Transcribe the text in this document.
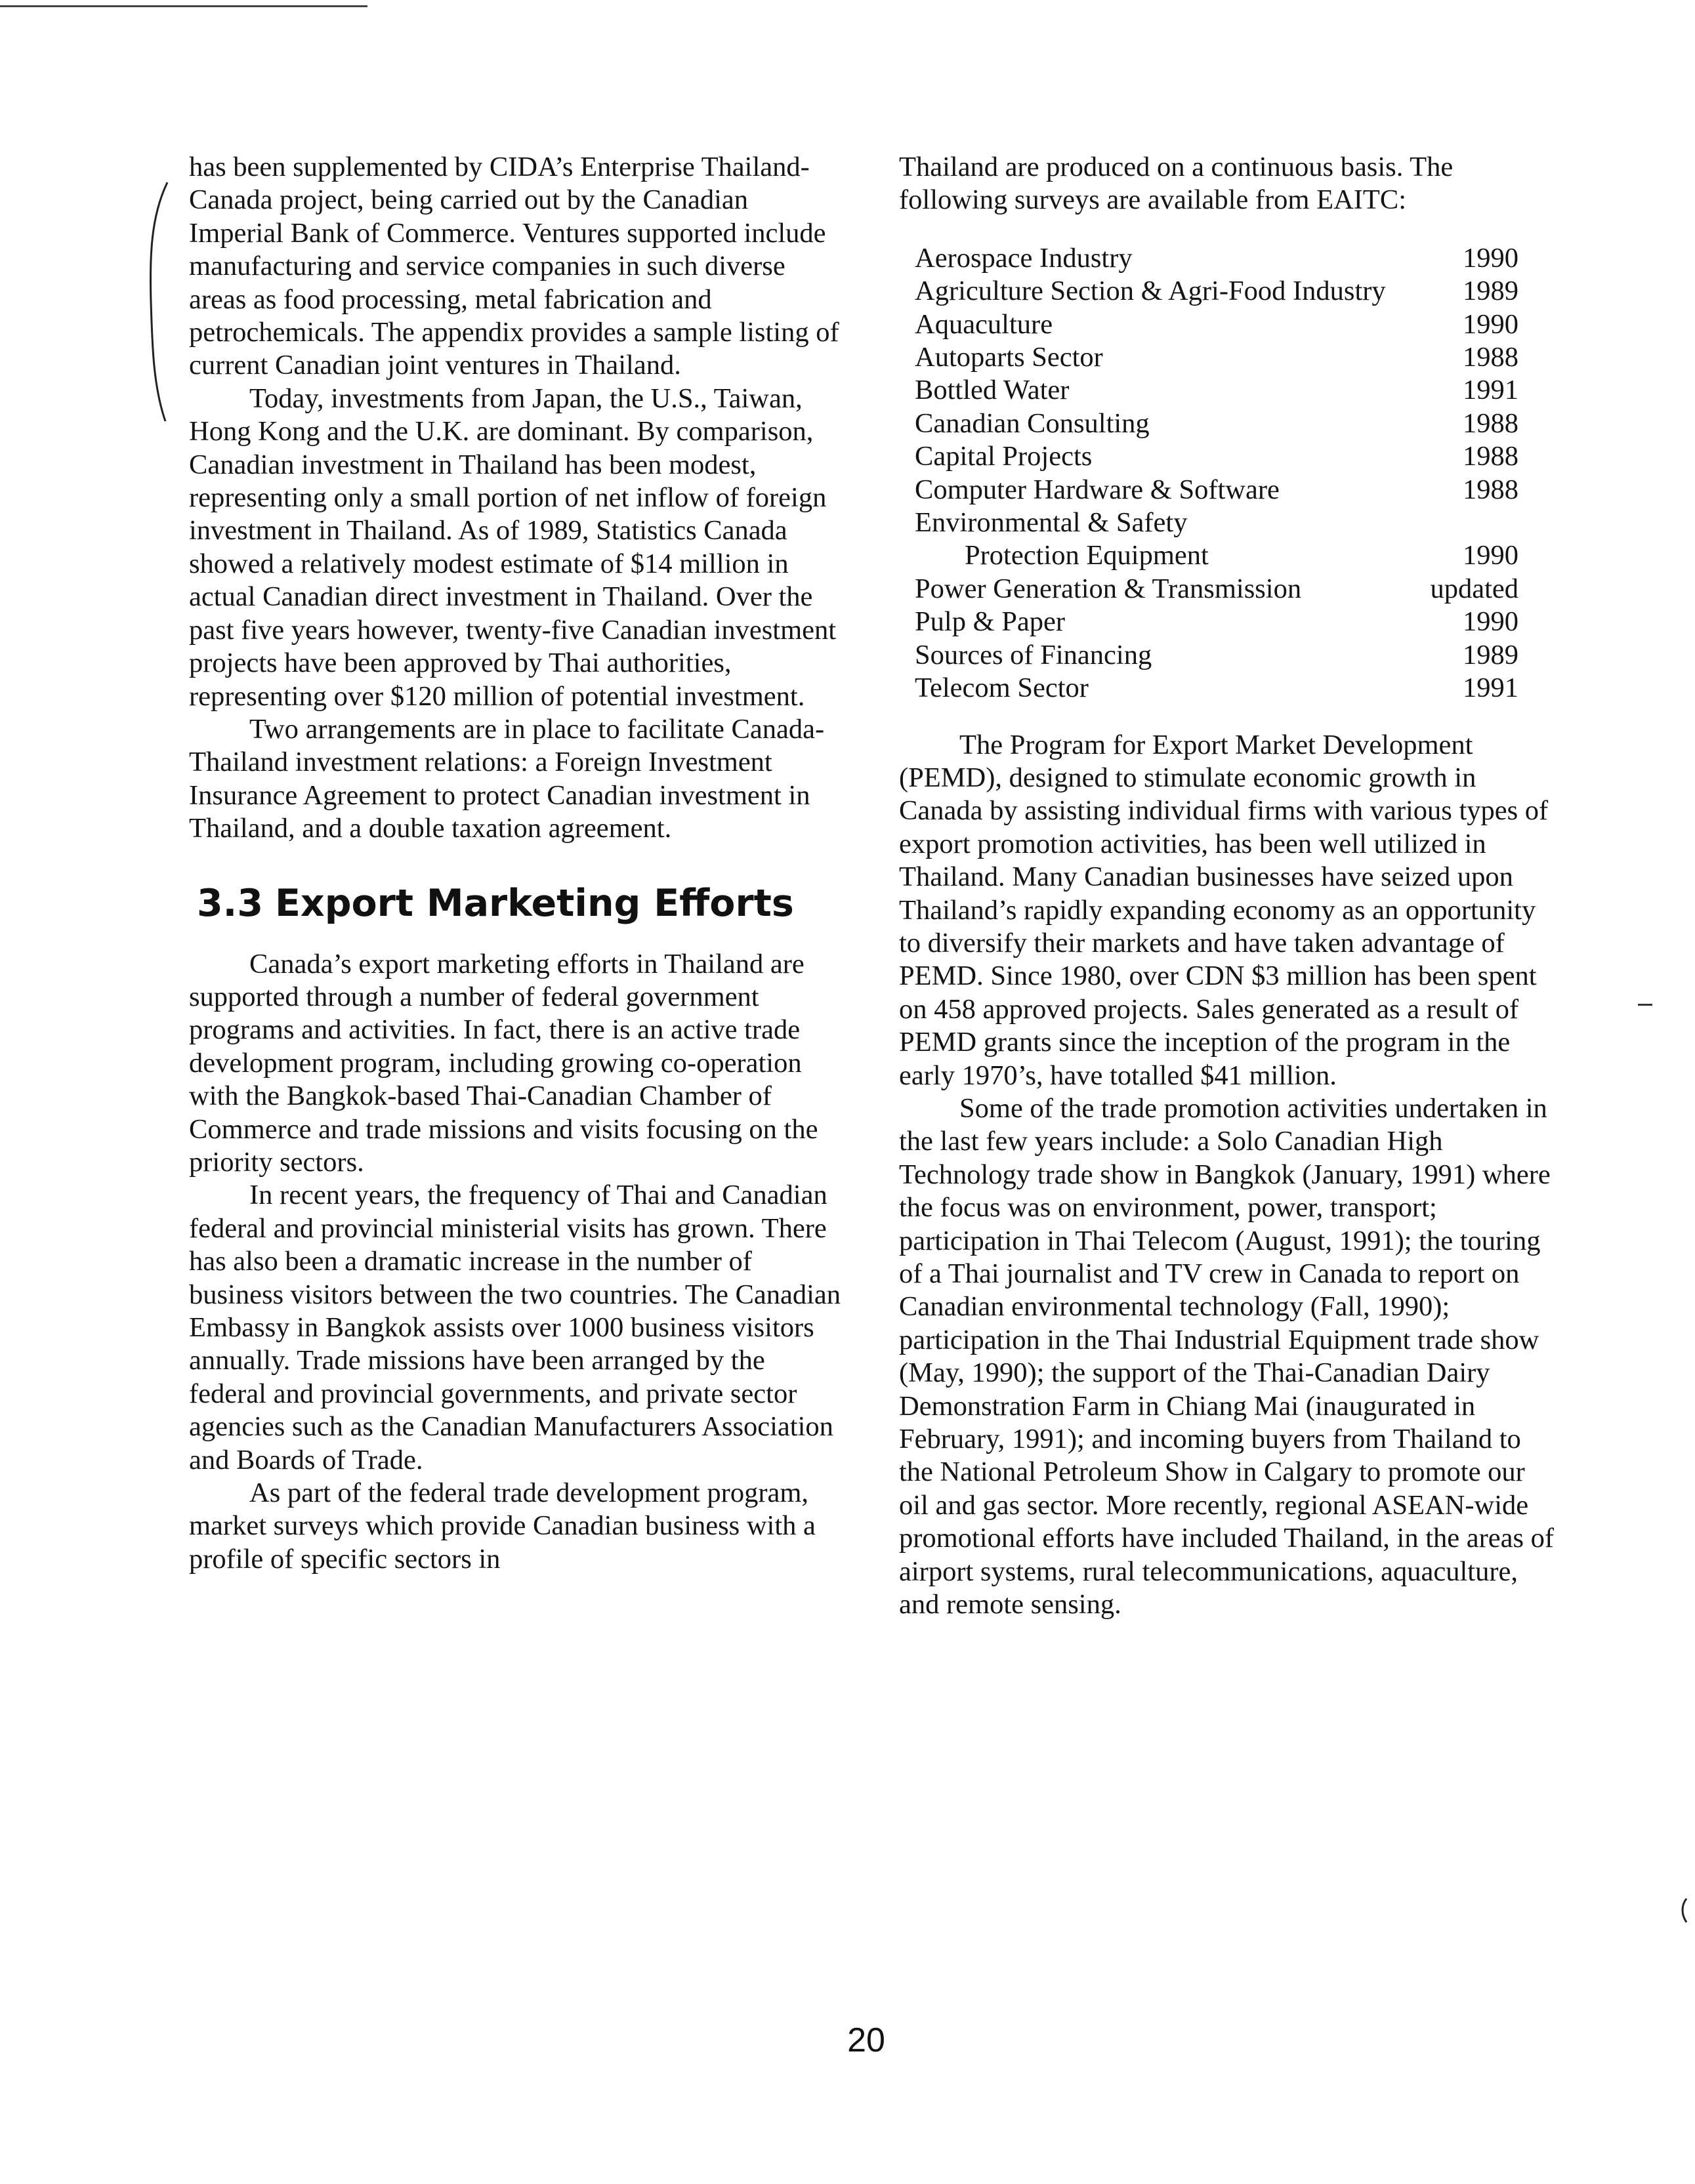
has been supplemented by CIDA’s Enterprise Thailand-Canada project, being carried out by the Canadian Imperial Bank of Commerce. Ventures supported include manufacturing and service companies in such diverse areas as food processing, metal fabrication and petrochemicals. The appendix provides a sample listing of current Canadian joint ventures in Thailand.

Today, investments from Japan, the U.S., Taiwan, Hong Kong and the U.K. are dominant. By comparison, Canadian investment in Thailand has been modest, representing only a small portion of net inflow of foreign investment in Thailand. As of 1989, Statistics Canada showed a relatively modest estimate of $14 million in actual Canadian direct investment in Thailand. Over the past five years however, twenty-five Canadian investment projects have been approved by Thai authorities, representing over $120 million of potential investment.

Two arrangements are in place to facilitate Canada-Thailand investment relations: a Foreign Investment Insurance Agreement to protect Canadian investment in Thailand, and a double taxation agreement.

3.3 Export Marketing Efforts

Canada’s export marketing efforts in Thailand are supported through a number of federal government programs and activities. In fact, there is an active trade development program, including growing co-operation with the Bangkok-based Thai-Canadian Chamber of Commerce and trade missions and visits focusing on the priority sectors.

In recent years, the frequency of Thai and Canadian federal and provincial ministerial visits has grown. There has also been a dramatic increase in the number of business visitors between the two countries. The Canadian Embassy in Bangkok assists over 1000 business visitors annually. Trade missions have been arranged by the federal and provincial governments, and private sector agencies such as the Canadian Manufacturers Association and Boards of Trade.

As part of the federal trade development program, market surveys which provide Canadian business with a profile of specific sectors in

Thailand are produced on a continuous basis. The following surveys are available from EAITC:

Aerospace Industry	1990
Agriculture Section & Agri-Food Industry	1989
Aquaculture	1990
Autoparts Sector	1988
Bottled Water	1991
Canadian Consulting	1988
Capital Projects	1988
Computer Hardware & Software	1988
Environmental & Safety
Protection Equipment	1990
Power Generation & Transmission	updated
Pulp & Paper	1990
Sources of Financing	1989
Telecom Sector	1991

The Program for Export Market Development (PEMD), designed to stimulate economic growth in Canada by assisting individual firms with various types of export promotion activities, has been well utilized in Thailand. Many Canadian businesses have seized upon Thailand’s rapidly expanding economy as an opportunity to diversify their markets and have taken advantage of PEMD. Since 1980, over CDN $3 million has been spent on 458 approved projects. Sales generated as a result of PEMD grants since the inception of the program in the early 1970’s, have totalled $41 million.

Some of the trade promotion activities undertaken in the last few years include: a Solo Canadian High Technology trade show in Bangkok (January, 1991) where the focus was on environment, power, transport; participation in Thai Telecom (August, 1991); the touring of a Thai journalist and TV crew in Canada to report on Canadian environmental technology (Fall, 1990); participation in the Thai Industrial Equipment trade show (May, 1990); the support of the Thai-Canadian Dairy Demonstration Farm in Chiang Mai (inaugurated in February, 1991); and incoming buyers from Thailand to the National Petroleum Show in Calgary to promote our oil and gas sector. More recently, regional ASEAN-wide promotional efforts have included Thailand, in the areas of airport systems, rural telecommunications, aquaculture, and remote sensing.

20
